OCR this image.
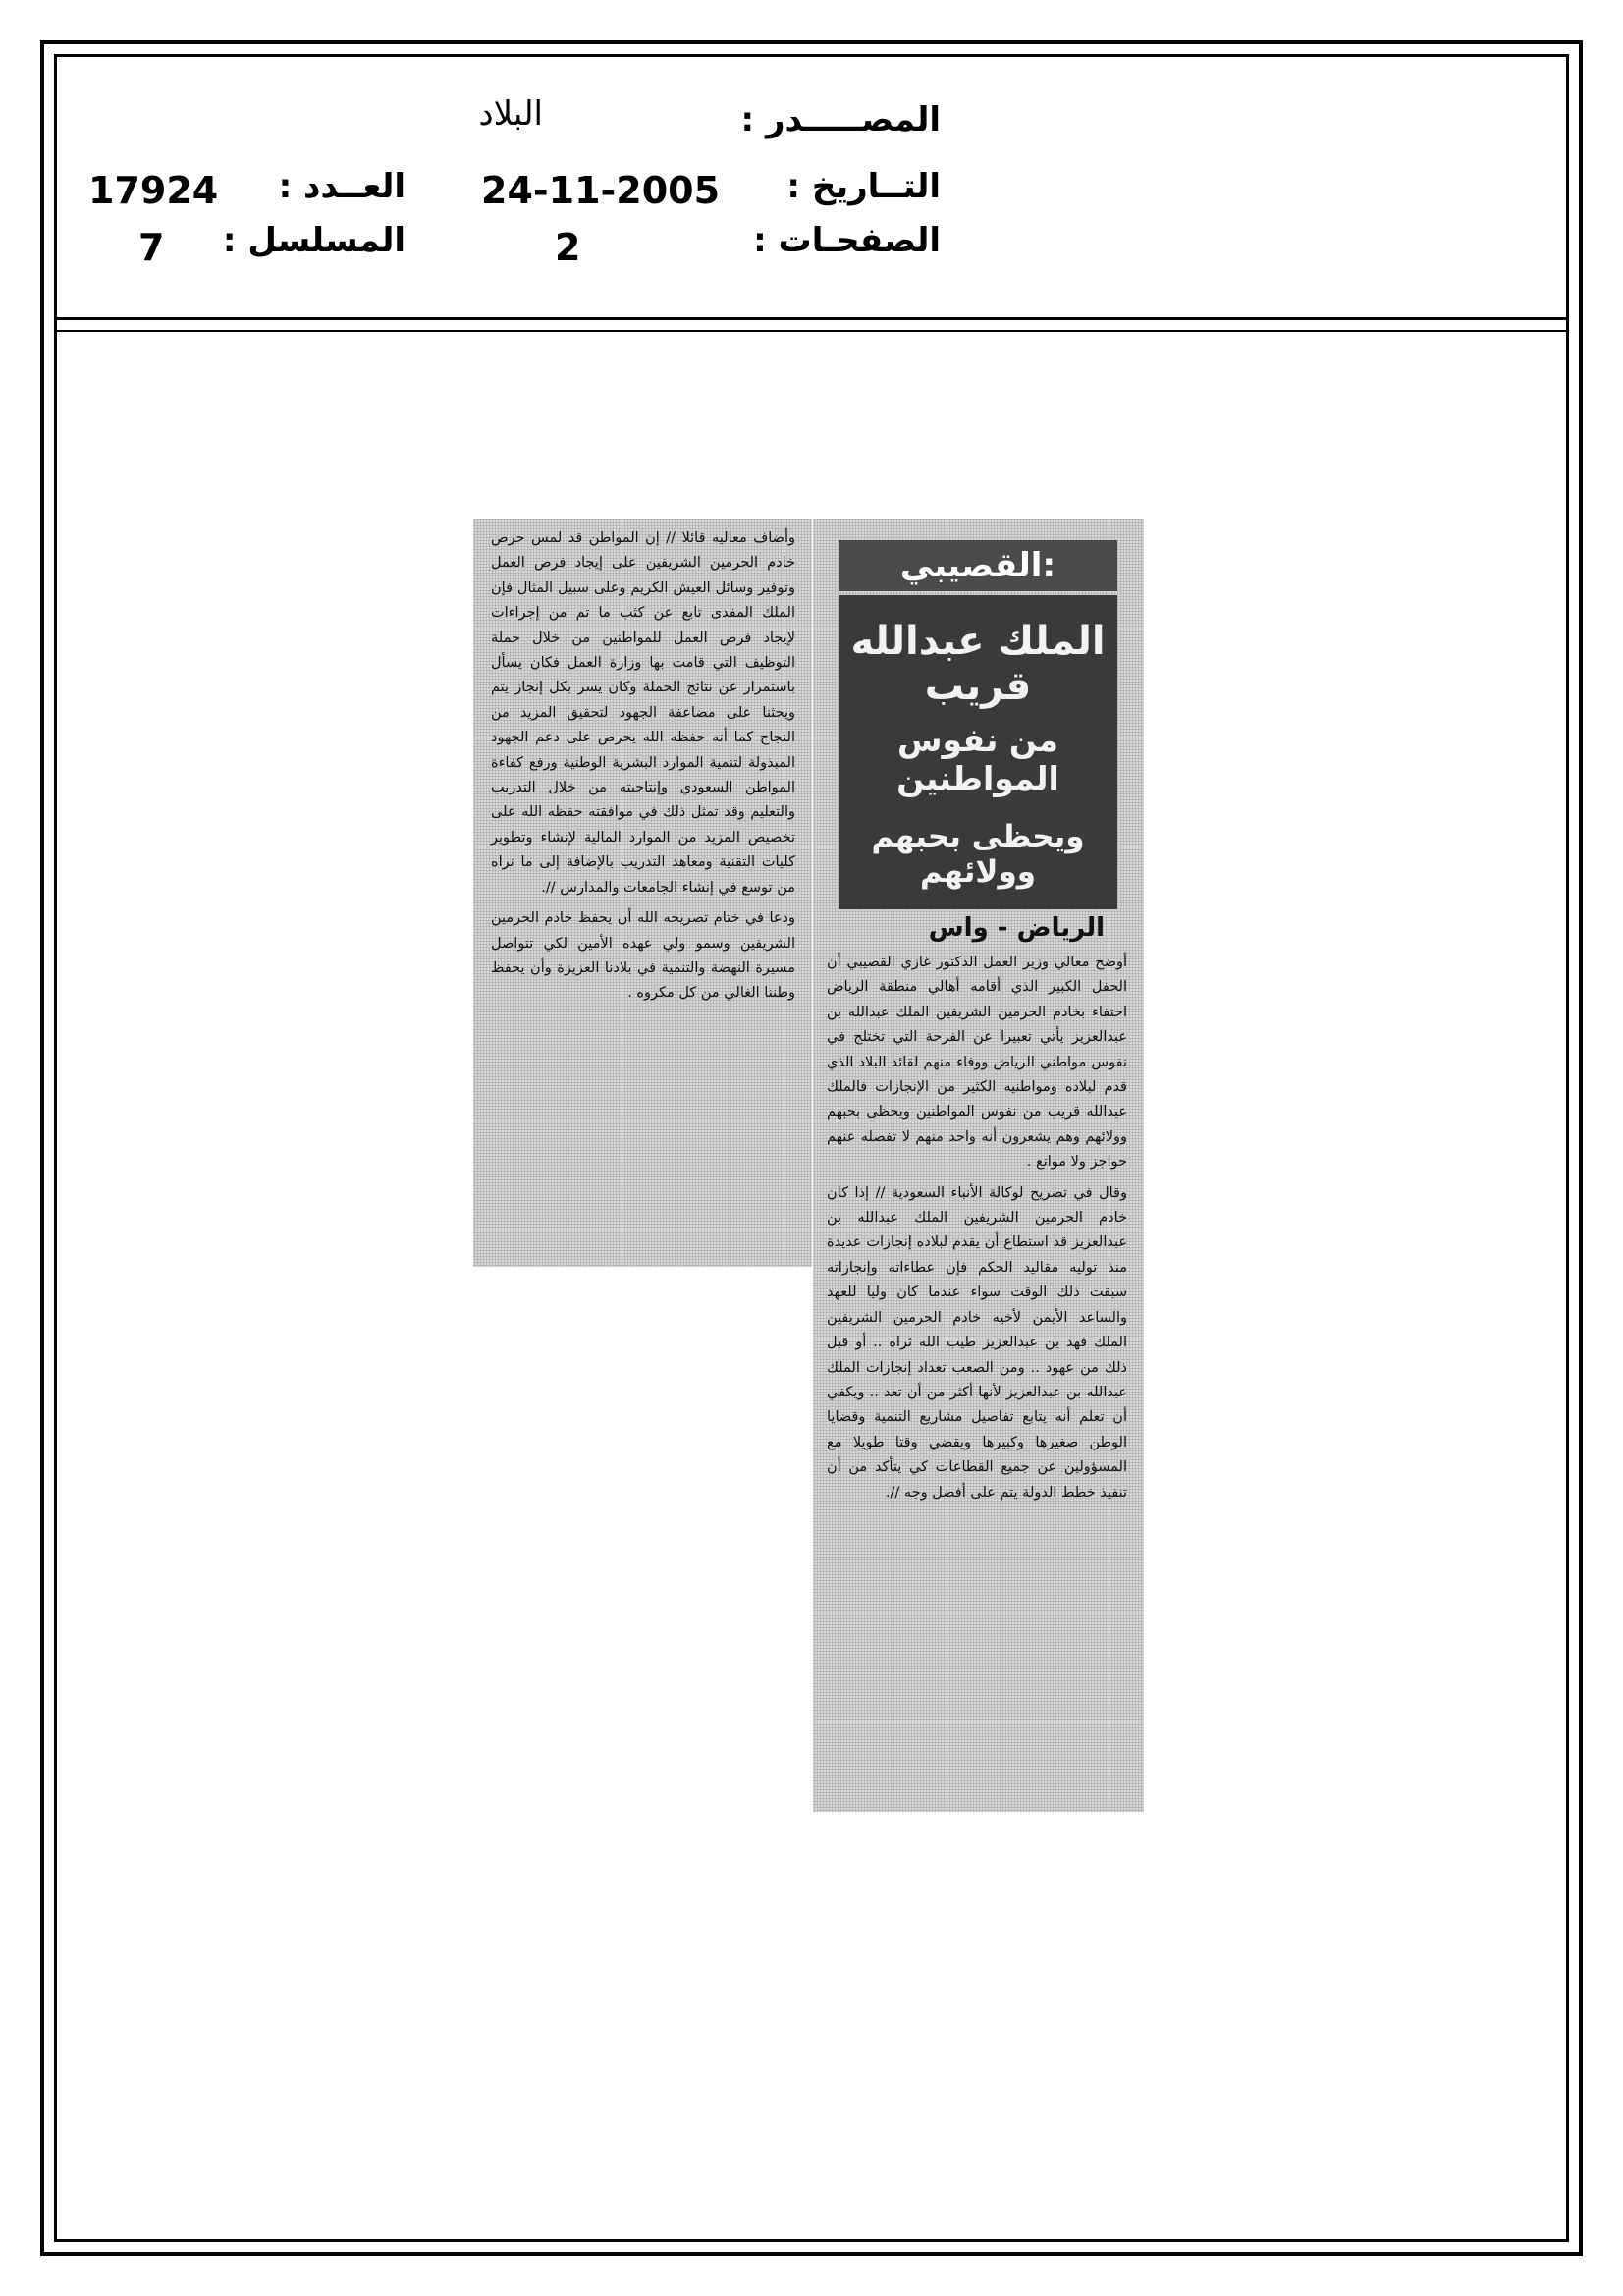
المصـــــدر :
البلاد
التــاريخ :
24-11-2005
الصفحـات :
2
العــدد :
17924
المسلسل :
7

وأضاف معاليه قائلا // إن المواطن قد لمس حرص خادم الحرمين الشريفين على إيجاد فرص العمل وتوفير وسائل العيش الكريم وعلى سبيل المثال فإن الملك المفدى تابع عن كثب ما تم من إجراءات لإيجاد فرص العمل للمواطنين من خلال حملة التوظيف التي قامت بها وزارة العمل فكان يسأل باستمرار عن نتائج الحملة وكان يسر بكل إنجاز يتم ويحثنا على مضاعفة الجهود لتحقيق المزيد من النجاح كما أنه حفظه الله يحرص على دعم الجهود المبذولة لتنمية الموارد البشرية الوطنية ورفع كفاءة المواطن السعودي وإنتاجيته من خلال التدريب والتعليم وقد تمثل ذلك في موافقته حفظه الله على تخصيص المزيد من الموارد المالية لإنشاء وتطوير كليات التقنية ومعاهد التدريب بالإضافة إلى ما نراه من توسع في إنشاء الجامعات والمدارس //.

ودعا في ختام تصريحه الله أن يحفظ خادم الحرمين الشريفين وسمو ولي عهده الأمين لكي تتواصل مسيرة النهضة والتنمية في بلادنا العزيزة وأن يحفظ وطننا الغالي من كل مكروه .

القصيبي:
الملك عبدالله قريب
من نفوس المواطنين
ويحظى بحبهم وولائهم
الرياض - واس

أوضح معالي وزير العمل الدكتور غازي القصيبي أن الحفل الكبير الذي أقامه أهالي منطقة الرياض احتفاء بخادم الحرمين الشريفين الملك عبدالله بن عبدالعزيز يأتي تعبيرا عن الفرحة التي تختلج في نفوس مواطني الرياض ووفاء منهم لقائد البلاد الذي قدم لبلاده ومواطنيه الكثير من الإنجازات فالملك عبدالله قريب من نفوس المواطنين ويحظى بحبهم وولائهم وهم يشعرون أنه واحد منهم لا تفصله عنهم حواجز ولا موانع .

وقال في تصريح لوكالة الأنباء السعودية // إذا كان خادم الحرمين الشريفين الملك عبدالله بن عبدالعزيز قد استطاع أن يقدم لبلاده إنجازات عديدة منذ توليه مقاليد الحكم فإن عطاءاته وإنجازاته سبقت ذلك الوقت سواء عندما كان وليا للعهد والساعد الأيمن لأخيه خادم الحرمين الشريفين الملك فهد بن عبدالعزيز طيب الله ثراه .. أو قبل ذلك من عهود .. ومن الصعب تعداد إنجازات الملك عبدالله بن عبدالعزيز لأنها أكثر من أن تعد .. ويكفي أن تعلم أنه يتابع تفاصيل مشاريع التنمية وقضايا الوطن صغيرها وكبيرها ويقضي وقتا طويلا مع المسؤولين عن جميع القطاعات كي يتأكد من أن تنفيذ خطط الدولة يتم على أفضل وجه //.
